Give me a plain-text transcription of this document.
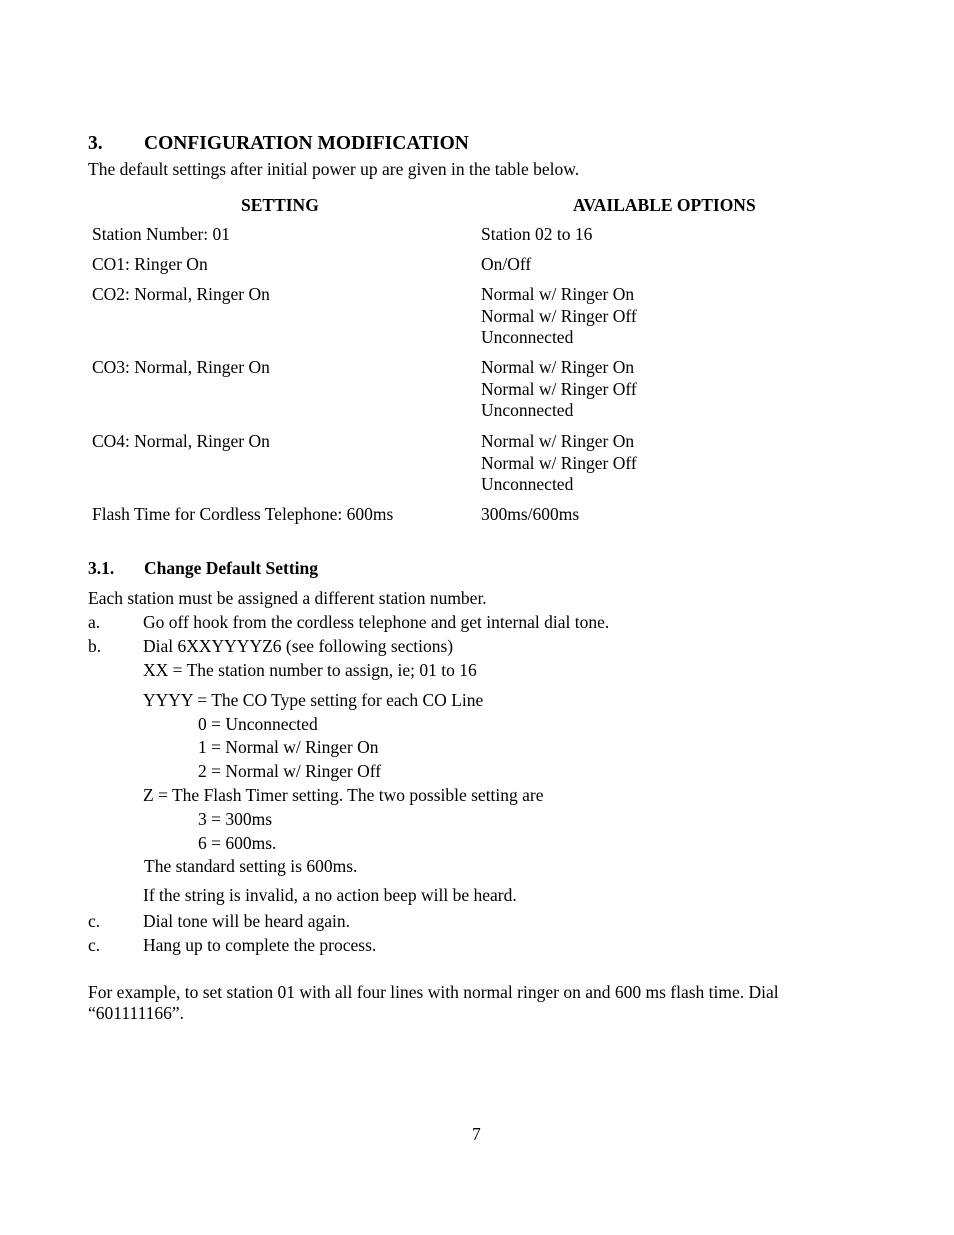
3. CONFIGURATION MODIFICATION
The default settings after initial power up are given in the table below.
SETTING	AVAILABLE OPTIONS
Station Number: 01	Station 02 to 16
CO1: Ringer On	On/Off
CO2: Normal, Ringer On	Normal w/ Ringer On
Normal w/ Ringer Off
Unconnected
CO3: Normal, Ringer On	Normal w/ Ringer On
Normal w/ Ringer Off
Unconnected
CO4: Normal, Ringer On	Normal w/ Ringer On
Normal w/ Ringer Off
Unconnected
Flash Time for Cordless Telephone: 600ms	300ms/600ms
3.1. Change Default Setting
Each station must be assigned a different station number.
a. Go off hook from the cordless telephone and get internal dial tone.
b. Dial 6XXYYYYZ6 (see following sections)
XX = The station number to assign, ie; 01 to 16
YYYY = The CO Type setting for each CO Line
0 = Unconnected
1 = Normal w/ Ringer On
2 = Normal w/ Ringer Off
Z = The Flash Timer setting. The two possible setting are
3 = 300ms
6 = 600ms.
The standard setting is 600ms.
If the string is invalid, a no action beep will be heard.
c. Dial tone will be heard again.
c. Hang up to complete the process.
For example, to set station 01 with all four lines with normal ringer on and 600 ms flash time. Dial
“601111166”.
7
